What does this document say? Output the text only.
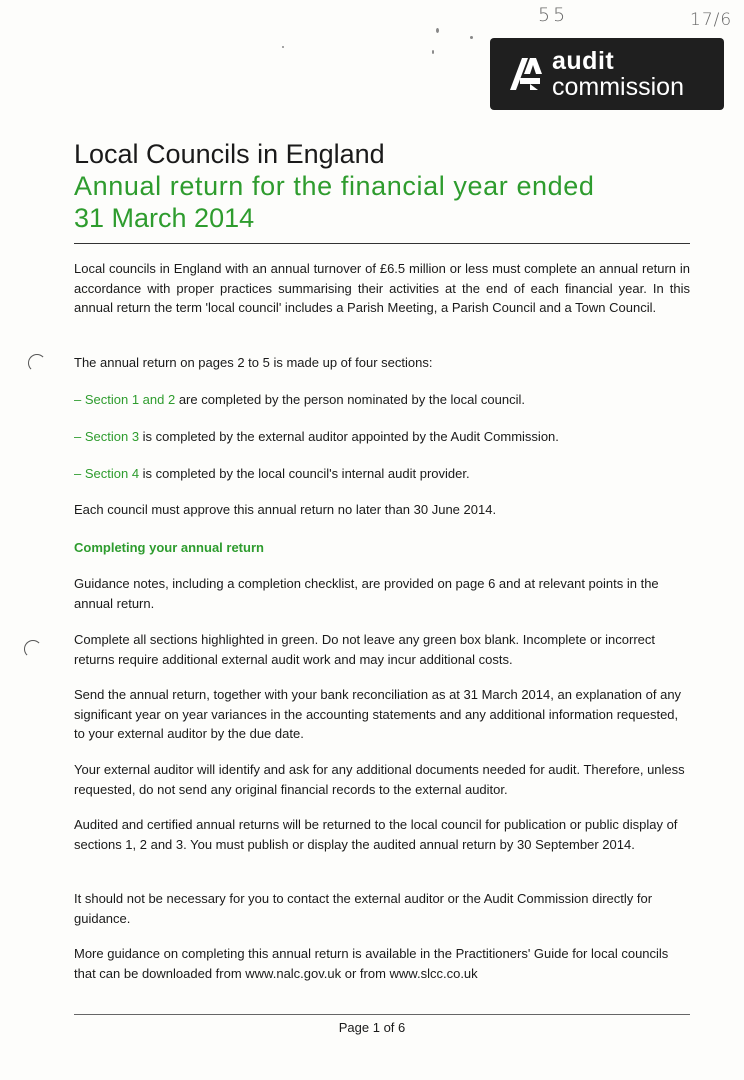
55	17/6
audit
commission
Local Councils in England
Annual return for the financial year ended
31 March 2014
Local councils in England with an annual turnover of £6.5 million or less must complete an annual return in accordance with proper practices summarising their activities at the end of each financial year. In this annual return the term 'local council' includes a Parish Meeting, a Parish Council and a Town Council.
The annual return on pages 2 to 5 is made up of four sections:
– Section 1 and 2 are completed by the person nominated by the local council.
– Section 3 is completed by the external auditor appointed by the Audit Commission.
– Section 4 is completed by the local council's internal audit provider.
Each council must approve this annual return no later than 30 June 2014.
Completing your annual return
Guidance notes, including a completion checklist, are provided on page 6 and at relevant points in the annual return.
Complete all sections highlighted in green. Do not leave any green box blank. Incomplete or incorrect returns require additional external audit work and may incur additional costs.
Send the annual return, together with your bank reconciliation as at 31 March 2014, an explanation of any significant year on year variances in the accounting statements and any additional information requested, to your external auditor by the due date.
Your external auditor will identify and ask for any additional documents needed for audit. Therefore, unless requested, do not send any original financial records to the external auditor.
Audited and certified annual returns will be returned to the local council for publication or public display of sections 1, 2 and 3. You must publish or display the audited annual return by 30 September 2014.
It should not be necessary for you to contact the external auditor or the Audit Commission directly for guidance.
More guidance on completing this annual return is available in the Practitioners' Guide for local councils that can be downloaded from www.nalc.gov.uk or from www.slcc.co.uk
Page 1 of 6
